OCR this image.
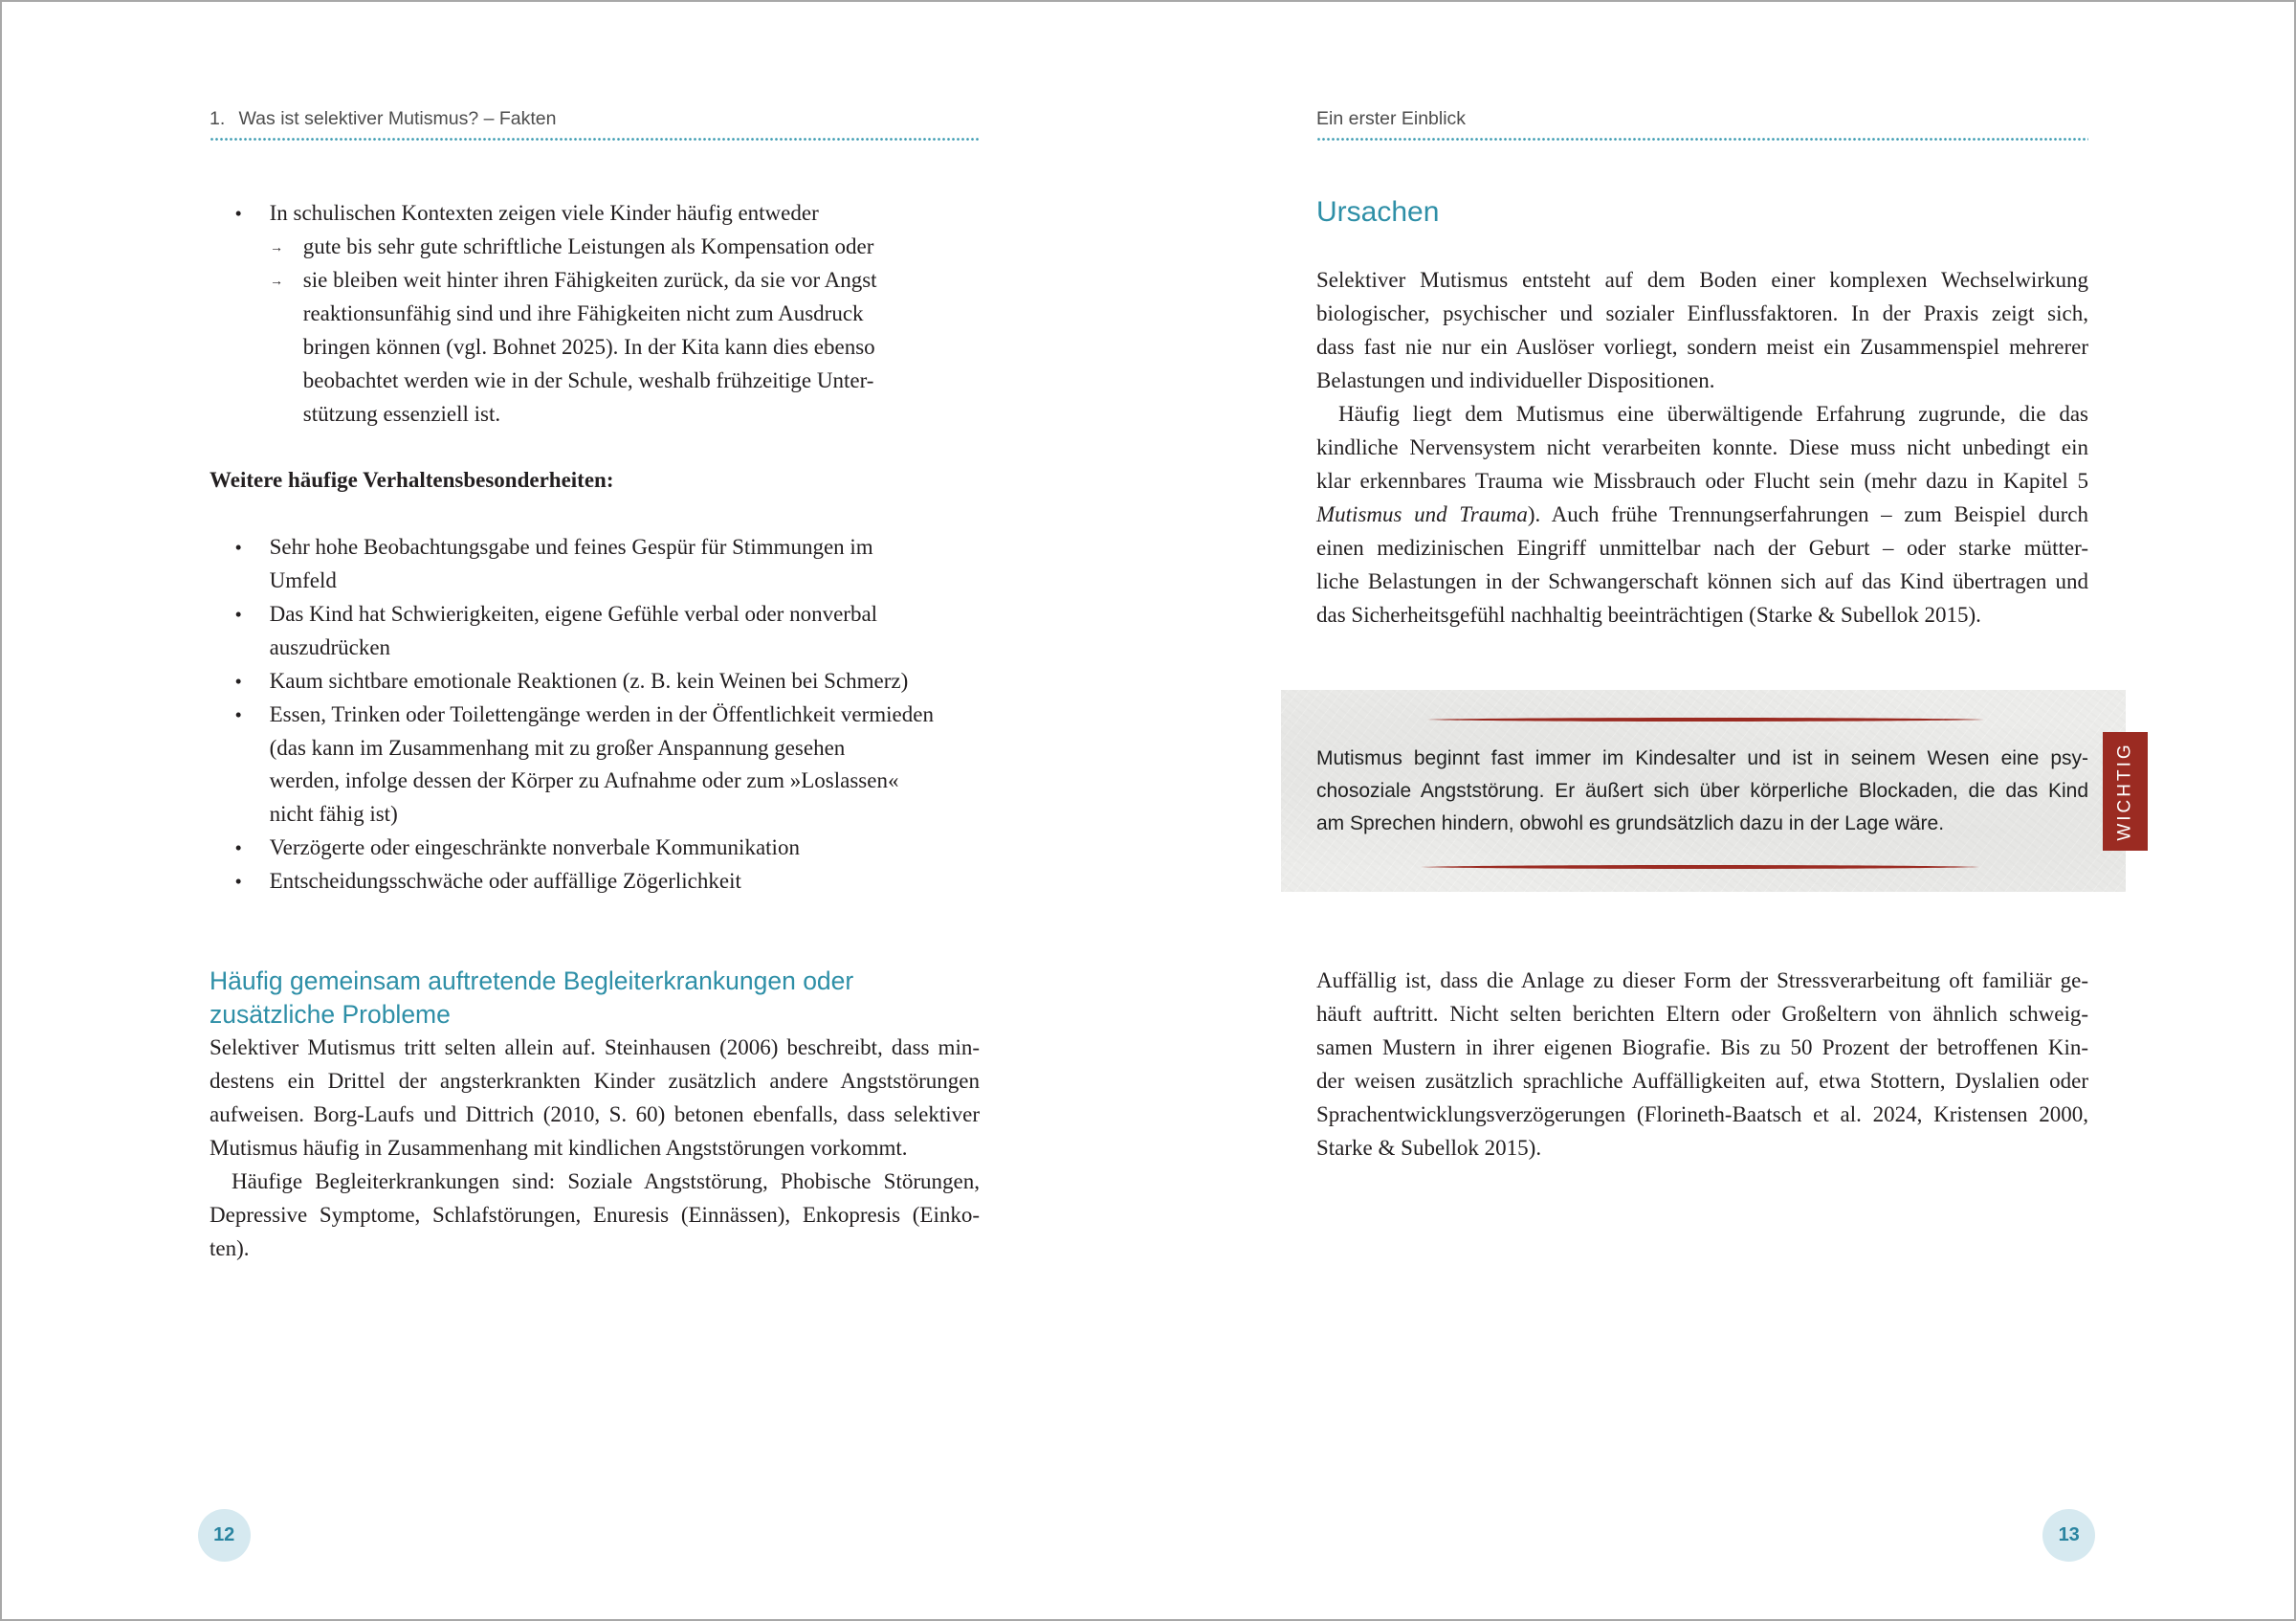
1. Was ist selektiver Mutismus? – Fakten
•
In schulischen Kontexten zeigen viele Kinder häufig entweder
→
gute bis sehr gute schriftliche Leistungen als Kompensation oder
→
sie bleiben weit hinter ihren Fähigkeiten zurück, da sie vor Angst
reaktionsunfähig sind und ihre Fähigkeiten nicht zum Ausdruck
bringen können (vgl. Bohnet 2025). In der Kita kann dies ebenso
beobachtet werden wie in der Schule, weshalb frühzeitige Unter-
stützung essenziell ist.
Weitere häufige Verhaltensbesonderheiten:
•
Sehr hohe Beobachtungsgabe und feines Gespür für Stimmungen im
Umfeld
•
Das Kind hat Schwierigkeiten, eigene Gefühle verbal oder nonverbal
auszudrücken
•
Kaum sichtbare emotionale Reaktionen (z. B. kein Weinen bei Schmerz)
•
Essen, Trinken oder Toilettengänge werden in der Öffentlichkeit vermieden
(das kann im Zusammenhang mit zu großer Anspannung gesehen
werden, infolge dessen der Körper zu Aufnahme oder zum »Loslassen«
nicht fähig ist)
•
Verzögerte oder eingeschränkte nonverbale Kommunikation
•
Entscheidungsschwäche oder auffällige Zögerlichkeit
Häufig gemeinsam auftretende Begleiterkrankungen oder
zusätzliche Probleme
Selektiver Mutismus tritt selten allein auf. Steinhausen (2006) beschreibt, dass min-
destens ein Drittel der angsterkrankten Kinder zusätzlich andere Angststörungen
aufweisen. Borg-Laufs und Dittrich (2010, S. 60) betonen ebenfalls, dass selektiver
Mutismus häufig in Zusammenhang mit kindlichen Angststörungen vorkommt.
Häufige Begleiterkrankungen sind: Soziale Angststörung, Phobische Störungen,
Depressive Symptome, Schlafstörungen, Enuresis (Einnässen), Enkopresis (Einko-
ten).
12
Ein erster Einblick
Ursachen
Selektiver Mutismus entsteht auf dem Boden einer komplexen Wechselwirkung
biologischer, psychischer und sozialer Einflussfaktoren. In der Praxis zeigt sich,
dass fast nie nur ein Auslöser vorliegt, sondern meist ein Zusammenspiel mehrerer
Belastungen und individueller Dispositionen.
Häufig liegt dem Mutismus eine überwältigende Erfahrung zugrunde, die das
kindliche Nervensystem nicht verarbeiten konnte. Diese muss nicht unbedingt ein
klar erkennbares Trauma wie Missbrauch oder Flucht sein (mehr dazu in Kapitel 5
Mutismus und Trauma). Auch frühe Trennungserfahrungen – zum Beispiel durch
einen medizinischen Eingriff unmittelbar nach der Geburt – oder starke mütter-
liche Belastungen in der Schwangerschaft können sich auf das Kind übertragen und
das Sicherheitsgefühl nachhaltig beeinträchtigen (Starke & Subellok 2015).
Auffällig ist, dass die Anlage zu dieser Form der Stressverarbeitung oft familiär ge-
häuft auftritt. Nicht selten berichten Eltern oder Großeltern von ähnlich schweig-
samen Mustern in ihrer eigenen Biografie. Bis zu 50 Prozent der betroffenen Kin-
der weisen zusätzlich sprachliche Auffälligkeiten auf, etwa Stottern, Dyslalien oder
Sprachentwicklungsverzögerungen (Florineth-Baatsch et al. 2024, Kristensen 2000,
Starke & Subellok 2015).
Mutismus beginnt fast immer im Kindesalter und ist in seinem Wesen eine psy-
chosoziale Angststörung. Er äußert sich über körperliche Blockaden, die das Kind
am Sprechen hindern, obwohl es grundsätzlich dazu in der Lage wäre.	WICHTIG
13
